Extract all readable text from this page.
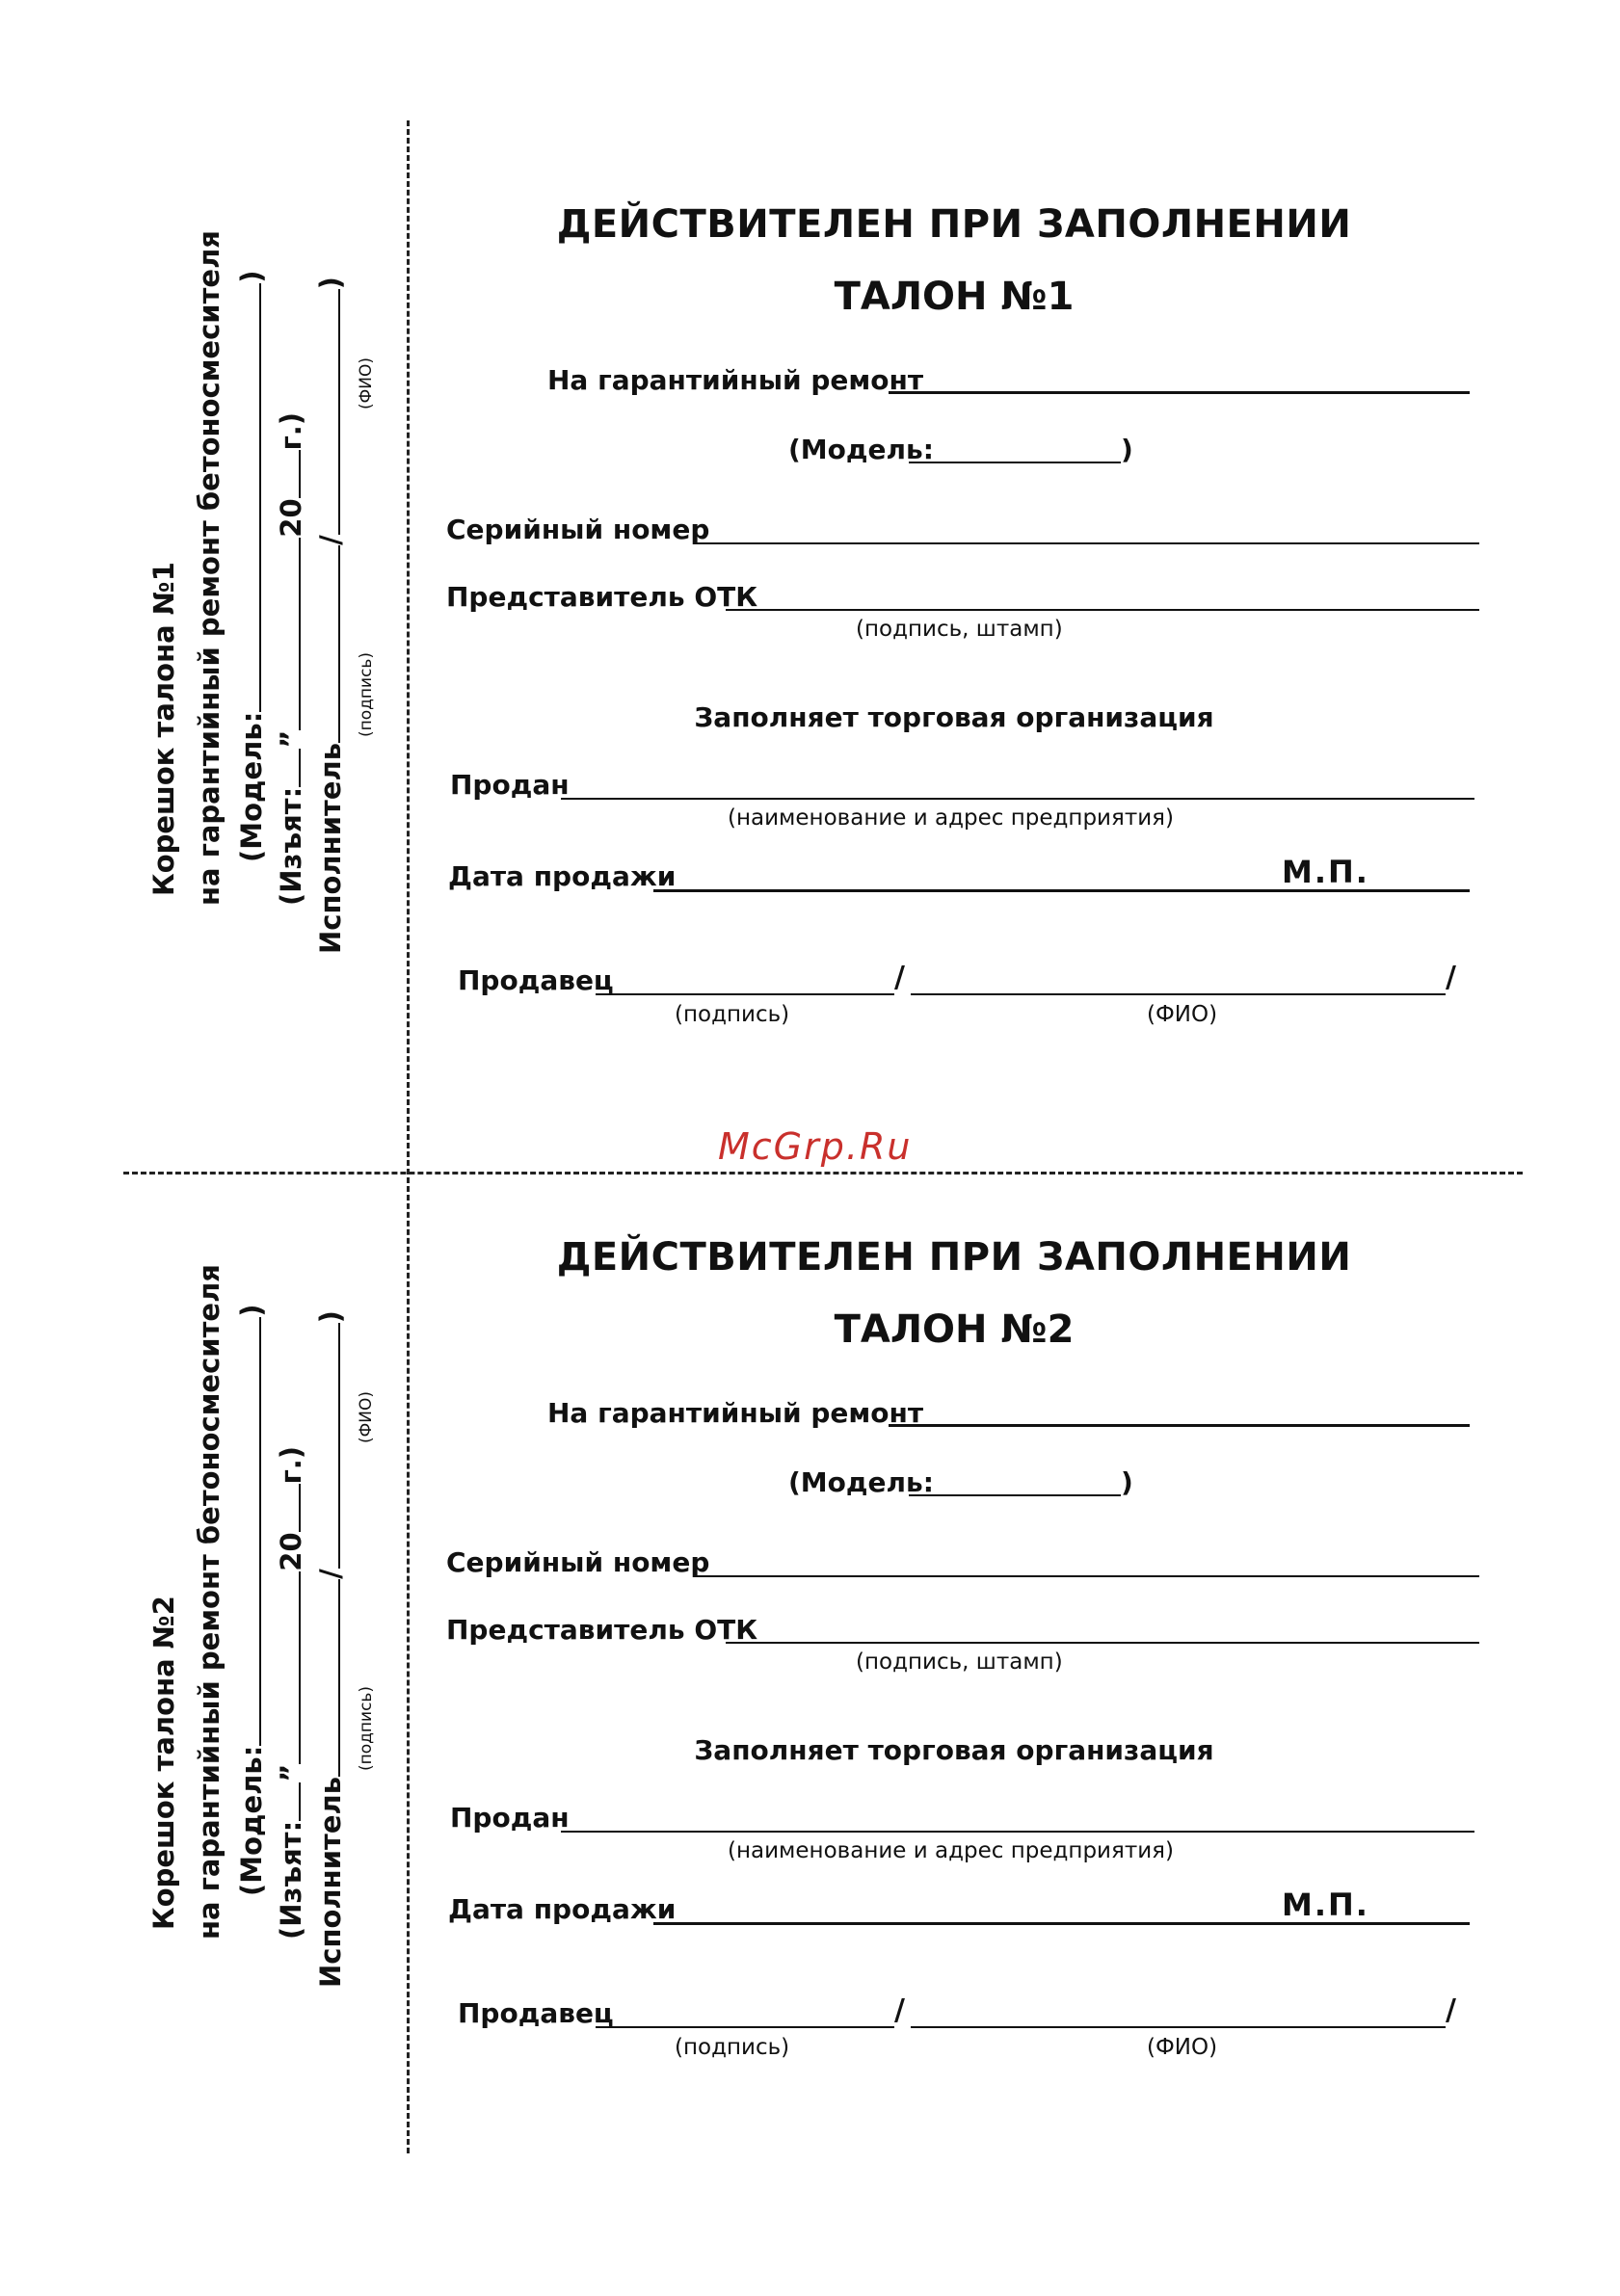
McGrp.Ru
Корешок талона №1 на гарантийный ремонт бетоносмесителя (Модель:)
(Изъят:”20г.)
Исполнитель/)
(подпись)
(ФИО)
ДЕЙСТВИТЕЛЕН ПРИ ЗАПОЛНЕНИИ
ТАЛОН №1
На гарантийный ремонт
(Модель:	)
Серийный номер
Представитель ОТК
(подпись, штамп)
Заполняет торговая организация
Продан
(наименование и адрес предприятия)
Дата продажи	М.П.
Продавец	/	/
(подпись)	(ФИО)
Корешок талона №2 на гарантийный ремонт бетоносмесителя (Модель:)
(Изъят:”20г.)
Исполнитель/)
(подпись)
(ФИО)
ДЕЙСТВИТЕЛЕН ПРИ ЗАПОЛНЕНИИ
ТАЛОН №2
На гарантийный ремонт
(Модель:	)
Серийный номер
Представитель ОТК
(подпись, штамп)
Заполняет торговая организация
Продан
(наименование и адрес предприятия)
Дата продажи	М.П.
Продавец	/	/
(подпись)	(ФИО)
